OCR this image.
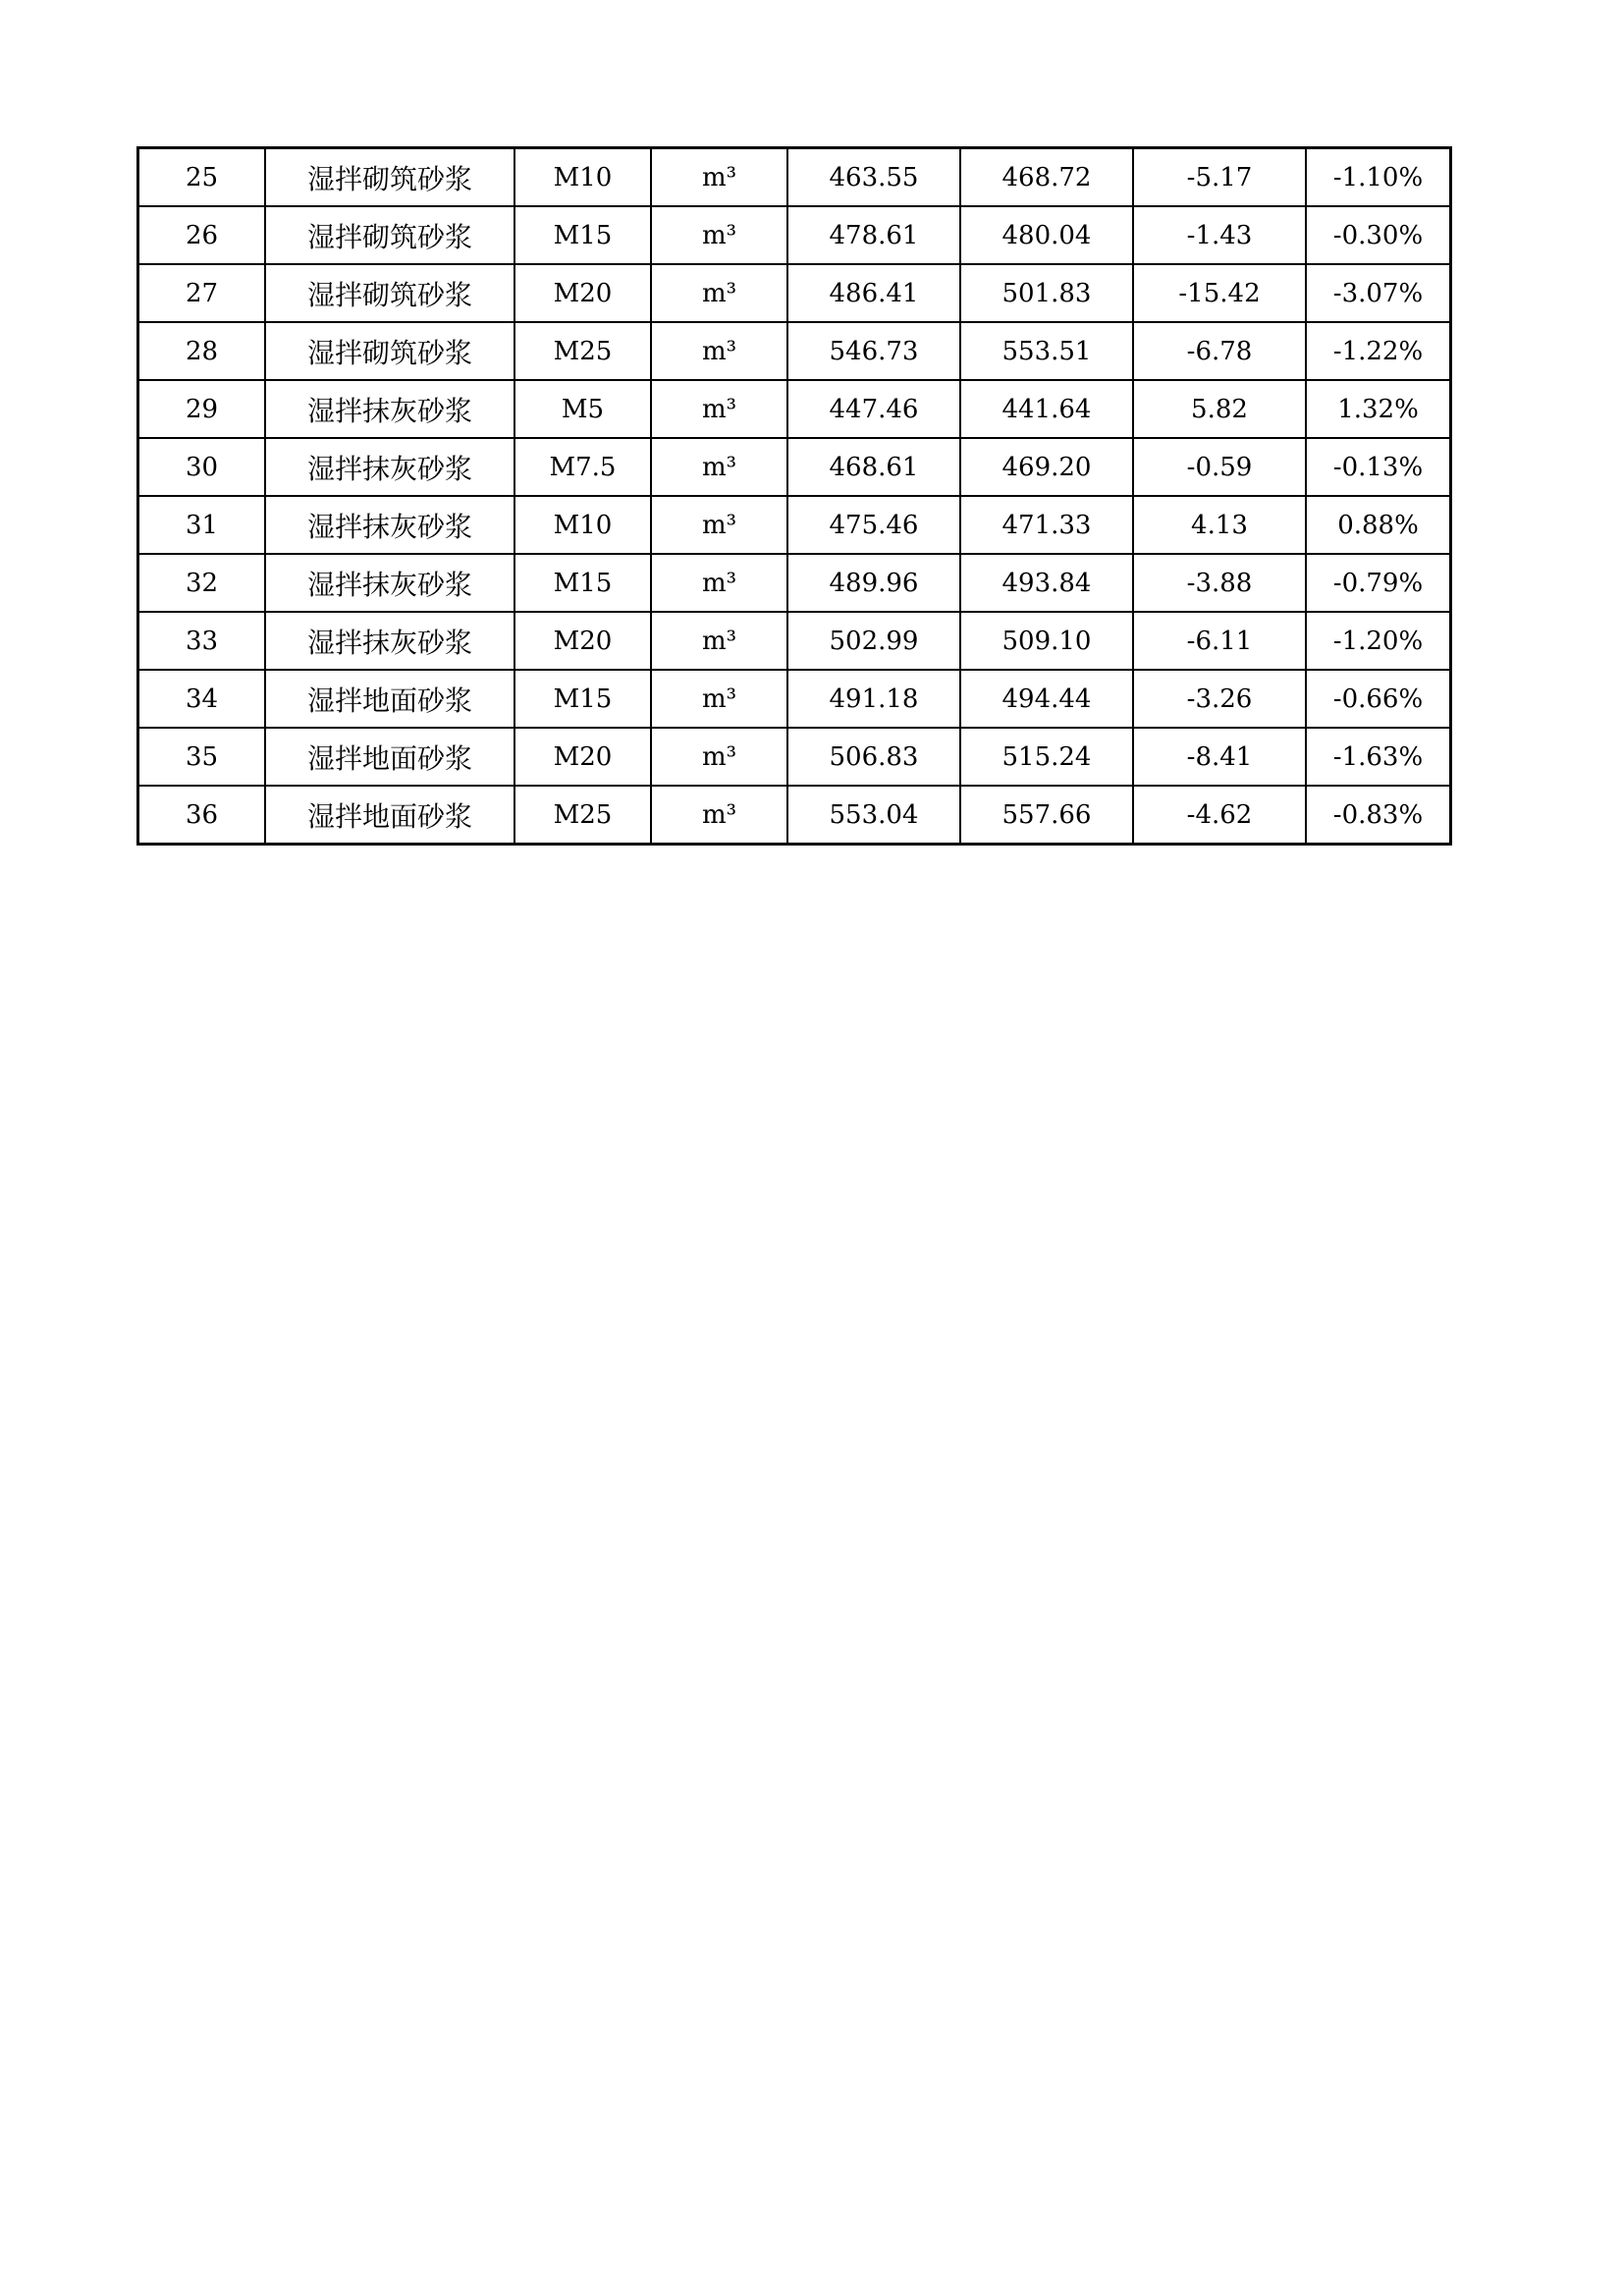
25	湿拌砌筑砂浆	M10	m³	463.55	468.72	-5.17	-1.10%
26	湿拌砌筑砂浆	M15	m³	478.61	480.04	-1.43	-0.30%
27	湿拌砌筑砂浆	M20	m³	486.41	501.83	-15.42	-3.07%
28	湿拌砌筑砂浆	M25	m³	546.73	553.51	-6.78	-1.22%
29	湿拌抹灰砂浆	M5	m³	447.46	441.64	5.82	1.32%
30	湿拌抹灰砂浆	M7.5	m³	468.61	469.20	-0.59	-0.13%
31	湿拌抹灰砂浆	M10	m³	475.46	471.33	4.13	0.88%
32	湿拌抹灰砂浆	M15	m³	489.96	493.84	-3.88	-0.79%
33	湿拌抹灰砂浆	M20	m³	502.99	509.10	-6.11	-1.20%
34	湿拌地面砂浆	M15	m³	491.18	494.44	-3.26	-0.66%
35	湿拌地面砂浆	M20	m³	506.83	515.24	-8.41	-1.63%
36	湿拌地面砂浆	M25	m³	553.04	557.66	-4.62	-0.83%
